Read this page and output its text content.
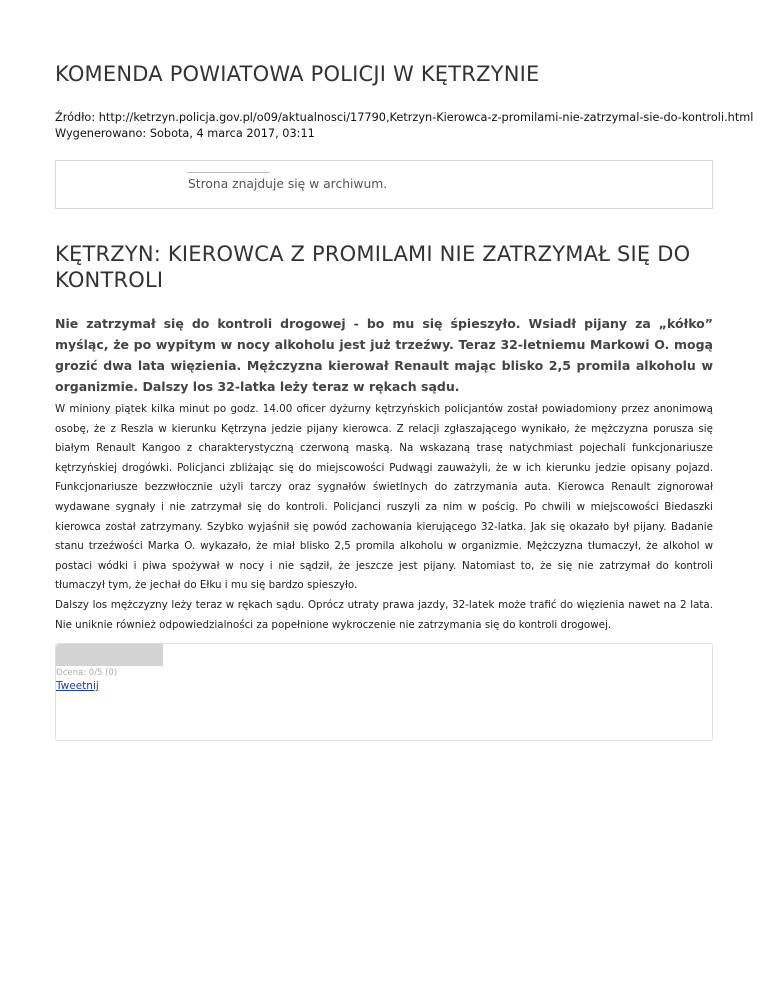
KOMENDA POWIATOWA POLICJI W KĘTRZYNIE
Źródło: http://ketrzyn.policja.gov.pl/o09/aktualnosci/17790,Ketrzyn-Kierowca-z-promilami-nie-zatrzymal-sie-do-kontroli.html
Wygenerowano: Sobota, 4 marca 2017, 03:11
Strona znajduje się w archiwum.
KĘTRZYN: KIEROWCA Z PROMILAMI NIE ZATRZYMAŁ SIĘ DO KONTROLI

Nie zatrzymał się do kontroli drogowej - bo mu się śpieszyło. Wsiadł pijany za „kółko” myśląc, że po wypitym w nocy alkoholu jest już trzeźwy. Teraz 32-letniemu Markowi O. mogą grozić dwa lata więzienia. Mężczyzna kierował Renault mając blisko 2,5 promila alkoholu w organizmie. Dalszy los 32-latka leży teraz w rękach sądu.

W miniony piątek kilka minut po godz. 14.00 oficer dyżurny kętrzyńskich policjantów został powiadomiony przez anonimową osobę, że z Reszla w kierunku Kętrzyna jedzie pijany kierowca. Z relacji zgłaszającego wynikało, że mężczyzna porusza się białym Renault Kangoo z charakterystyczną czerwoną maską. Na wskazaną trasę natychmiast pojechali funkcjonariusze kętrzyńskiej drogówki. Policjanci zbliżając się do miejscowości Pudwągi zauważyli, że w ich kierunku jedzie opisany pojazd. Funkcjonariusze bezzwłocznie użyli tarczy oraz sygnałów świetlnych do zatrzymania auta. Kierowca Renault zignorował wydawane sygnały i nie zatrzymał się do kontroli. Policjanci ruszyli za nim w pościg. Po chwili w miejscowości Biedaszki kierowca został zatrzymany. Szybko wyjaśnił się powód zachowania kierującego 32-latka. Jak się okazało był pijany. Badanie stanu trzeźwości Marka O. wykazało, że miał blisko 2,5 promila alkoholu w organizmie. Mężczyzna tłumaczył, że alkohol w postaci wódki i piwa spożywał w nocy i nie sądził, że jeszcze jest pijany. Natomiast to, że się nie zatrzymał do kontroli tłumaczył tym, że jechał do Ełku i mu się bardzo spieszyło.

Dalszy los mężczyzny leży teraz w rękach sądu. Oprócz utraty prawa jazdy, 32-latek może trafić do więzienia nawet na 2 lata. Nie uniknie również odpowiedzialności za popełnione wykroczenie nie zatrzymania się do kontroli drogowej.

Ocena: 0/5 (0)
Tweetnij
